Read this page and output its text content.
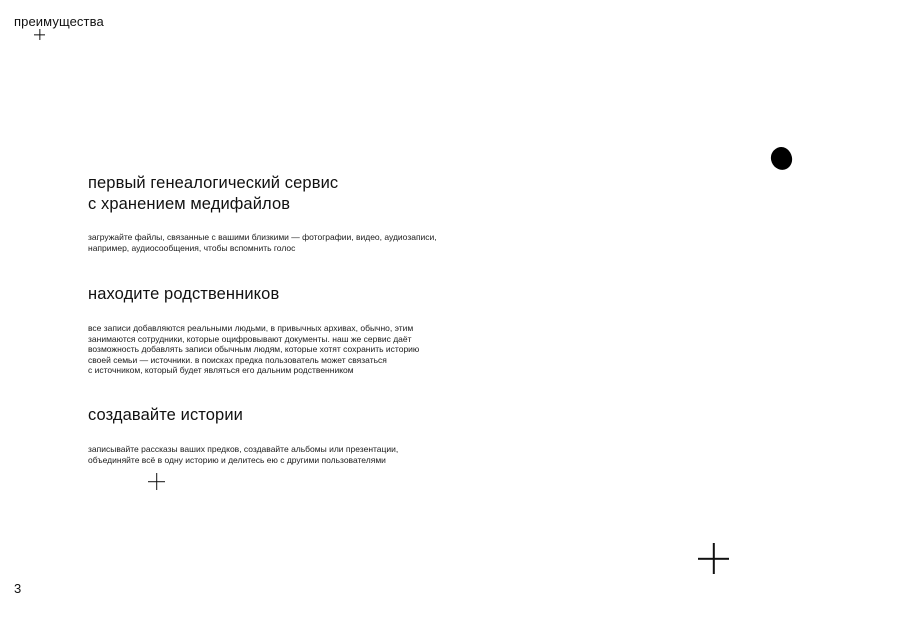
преимущества
первый генеалогический сервис
с хранением медифайлов

загружайте файлы, связанные с вашими близкими — фотографии, видео, аудиозаписи,
например, аудиосообщения, чтобы вспомнить голос

находите родственников

все записи добавляются реальными людьми, в привычных архивах, обычно, этим
занимаются сотрудники, которые оцифровывают документы. наш же сервис даёт
возможность добавлять записи обычным людям, которые хотят сохранить историю
своей семьи — источники. в поисках предка пользователь может связаться
с источником, который будет являться его дальним родственником

создавайте истории

записывайте рассказы ваших предков, создавайте альбомы или презентации,
объединяйте всё в одну историю и делитесь ею с другими пользователями

3
